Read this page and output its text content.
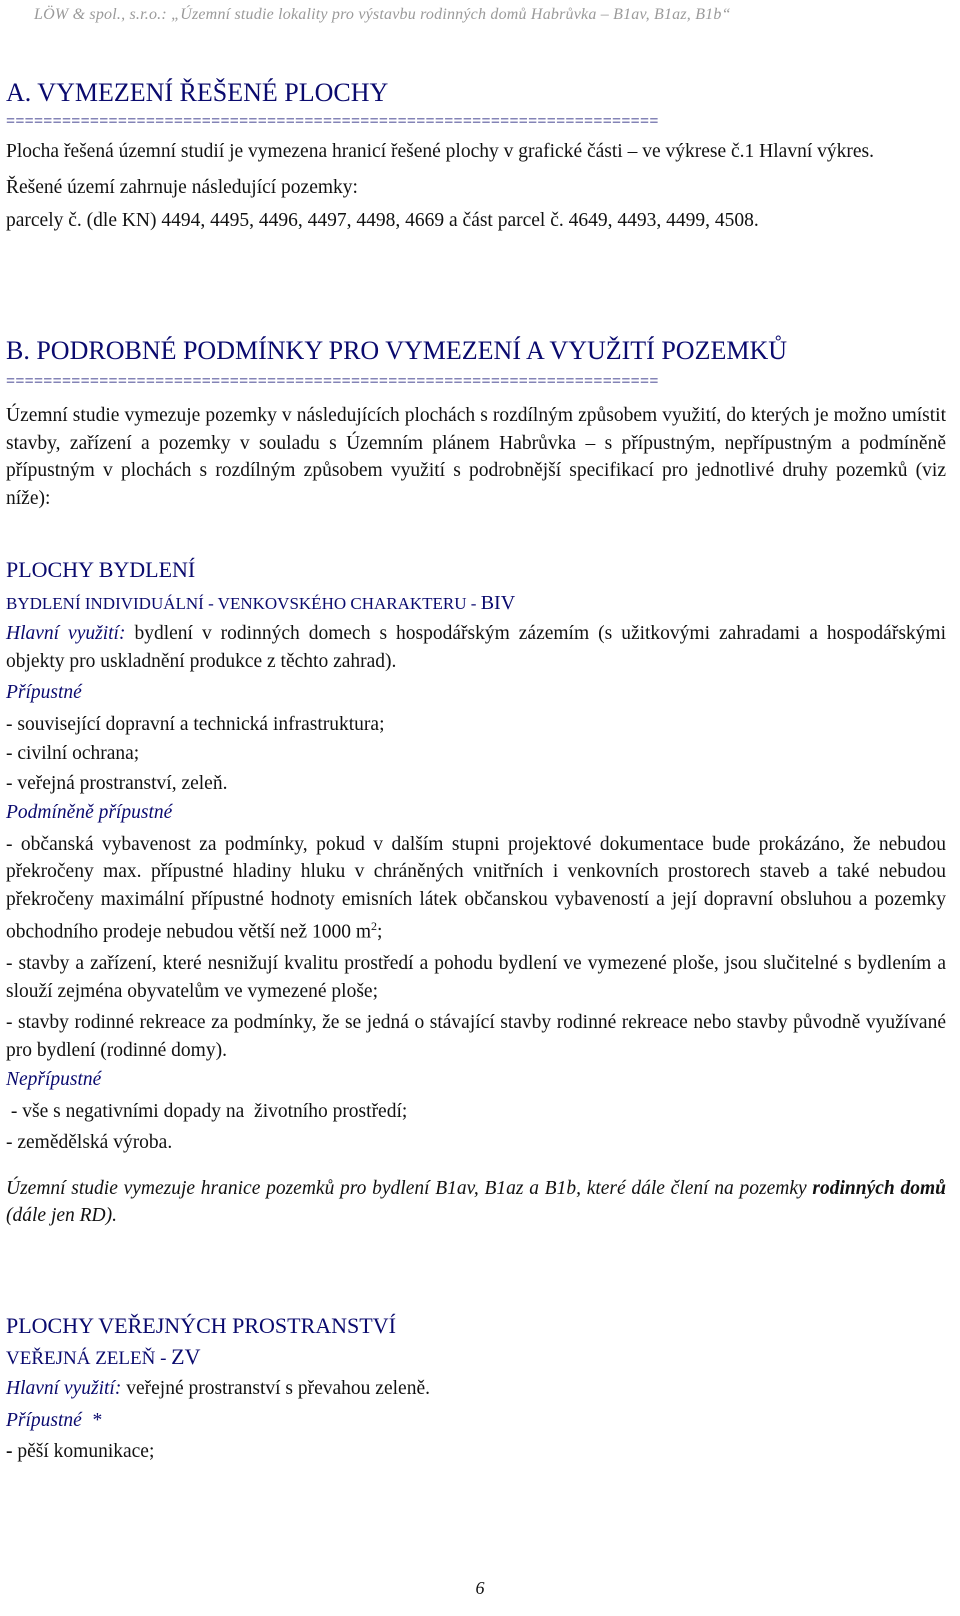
LÖW & spol., s.r.o.: „Územní studie lokality pro výstavbu rodinných domů Habrůvka – B1av, B1az, B1b“
A. VYMEZENÍ ŘEŠENÉ PLOCHY
======================================================================

Plocha řešená územní studií je vymezena hranicí řešené plochy v grafické části – ve výkrese č.1 Hlavní výkres.

Řešené území zahrnuje následující pozemky:

parcely č. (dle KN) 4494, 4495, 4496, 4497, 4498, 4669 a část parcel č. 4649, 4493, 4499, 4508.

B. PODROBNÉ PODMÍNKY PRO VYMEZENÍ A VYUŽITÍ POZEMKŮ
======================================================================

Územní studie vymezuje pozemky v následujících plochách s rozdílným způsobem využití, do kterých je možno umístit stavby, zařízení a pozemky v souladu s Územním plánem Habrůvka – s přípustným, nepřípustným a podmíněně přípustným v plochách s rozdílným způsobem využití s podrobnější specifikací pro jednotlivé druhy pozemků (viz níže):

PLOCHY BYDLENÍ
BYDLENÍ INDIVIDUÁLNÍ - VENKOVSKÉHO CHARAKTERU - BIV

Hlavní využití: bydlení v rodinných domech s hospodářským zázemím (s užitkovými zahradami a hospodářskými objekty pro uskladnění produkce z těchto zahrad).

Přípustné
- související dopravní a technická infrastruktura;
- civilní ochrana;
- veřejná prostranství, zeleň.
Podmíněně přípustné

- občanská vybavenost za podmínky, pokud v dalším stupni projektové dokumentace bude prokázáno, že nebudou překročeny max. přípustné hladiny hluku v chráněných vnitřních i venkovních prostorech staveb a také nebudou překročeny maximální přípustné hodnoty emisních látek občanskou vybaveností a její dopravní obsluhou a pozemky obchodního prodeje nebudou větší než 1000 $m^2$;

- stavby a zařízení, které nesnižují kvalitu prostředí a pohodu bydlení ve vymezené ploše, jsou slučitelné s bydlením a slouží zejména obyvatelům ve vymezené ploše;

- stavby rodinné rekreace za podmínky, že se jedná o stávající stavby rodinné rekreace nebo stavby původně využívané pro bydlení (rodinné domy).

Nepřípustné
- vše s negativními dopady na  životního prostředí;
- zemědělská výroba.

Územní studie vymezuje hranice pozemků pro bydlení B1av, B1az a B1b, které dále člení na pozemky rodinných domů (dále jen RD).

PLOCHY VEŘEJNÝCH PROSTRANSTVÍ
VEŘEJNÁ ZELEŇ - ZV

Hlavní využití: veřejné prostranství s převahou zeleně.

Přípustné  *
- pěší komunikace;
6
